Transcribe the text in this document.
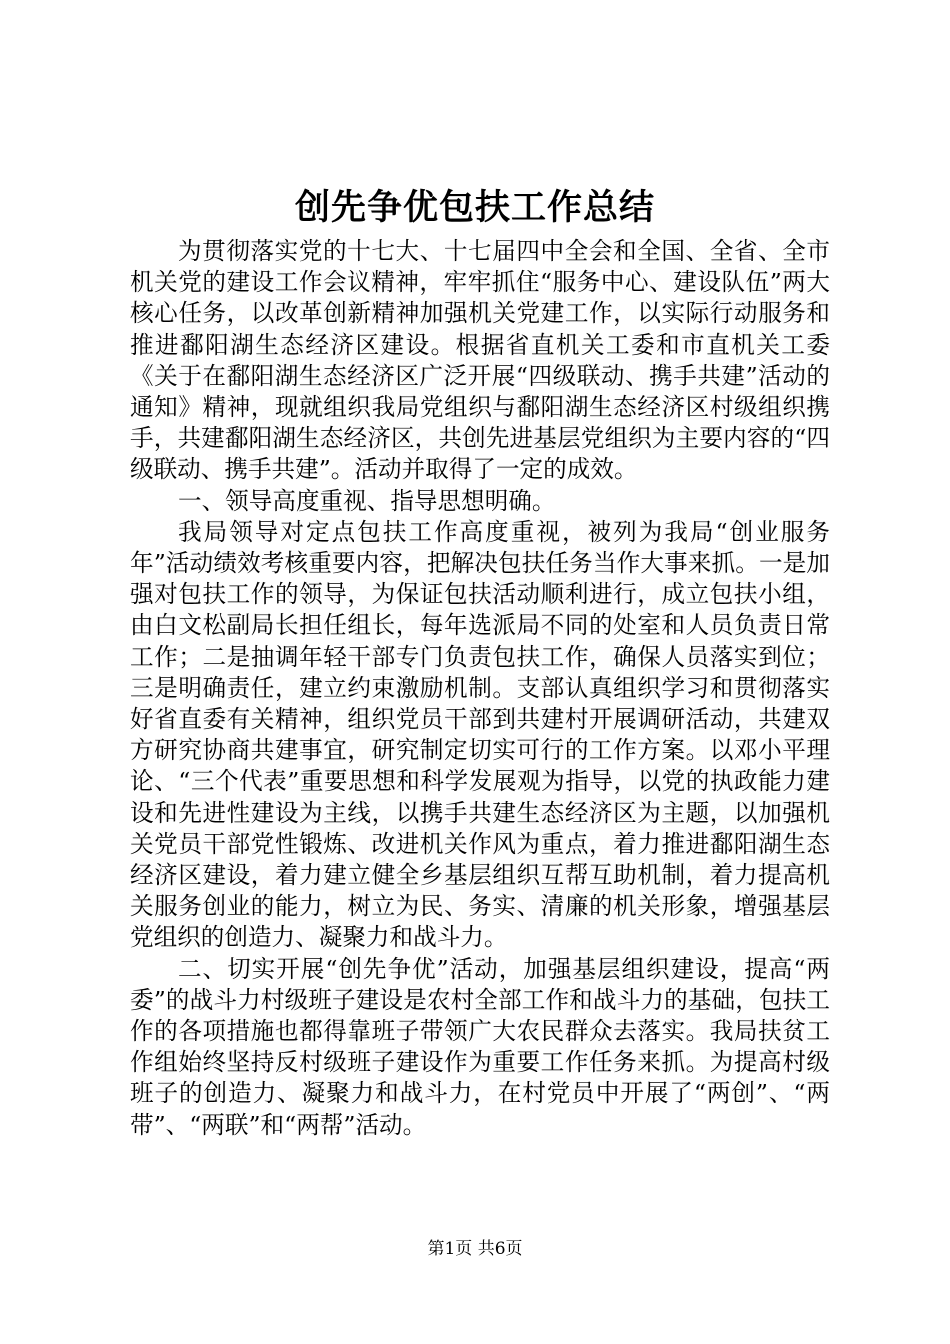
创先争优包扶工作总结

为贯彻落实党的十七大、十七届四中全会和全国、全省、全市机关党的建设工作会议精神，牢牢抓住“服务中心、建设队伍”两大核心任务，以改革创新精神加强机关党建工作，以实际行动服务和推进鄱阳湖生态经济区建设。根据省直机关工委和市直机关工委《关于在鄱阳湖生态经济区广泛开展“四级联动、携手共建”活动的通知》精神，现就组织我局党组织与鄱阳湖生态经济区村级组织携手，共建鄱阳湖生态经济区，共创先进基层党组织为主要内容的“四级联动、携手共建”。活动并取得了一定的成效。

一、领导高度重视、指导思想明确。

我局领导对定点包扶工作高度重视，被列为我局“创业服务年”活动绩效考核重要内容，把解决包扶任务当作大事来抓。一是加强对包扶工作的领导，为保证包扶活动顺利进行，成立包扶小组，由白文松副局长担任组长，每年选派局不同的处室和人员负责日常工作；二是抽调年轻干部专门负责包扶工作，确保人员落实到位；三是明确责任，建立约束激励机制。支部认真组织学习和贯彻落实好省直委有关精神，组织党员干部到共建村开展调研活动，共建双方研究协商共建事宜，研究制定切实可行的工作方案。以邓小平理论、“三个代表”重要思想和科学发展观为指导，以党的执政能力建设和先进性建设为主线，以携手共建生态经济区为主题，以加强机关党员干部党性锻炼、改进机关作风为重点，着力推进鄱阳湖生态经济区建设，着力建立健全乡基层组织互帮互助机制，着力提高机关服务创业的能力，树立为民、务实、清廉的机关形象，增强基层党组织的创造力、凝聚力和战斗力。

二、切实开展“创先争优”活动，加强基层组织建设，提高“两委”的战斗力村级班子建设是农村全部工作和战斗力的基础，包扶工作的各项措施也都得靠班子带领广大农民群众去落实。我局扶贫工作组始终坚持反村级班子建设作为重要工作任务来抓。为提高村级班子的创造力、凝聚力和战斗力，在村党员中开展了“两创”、“两带”、“两联”和“两帮”活动。

第1页 共6页
